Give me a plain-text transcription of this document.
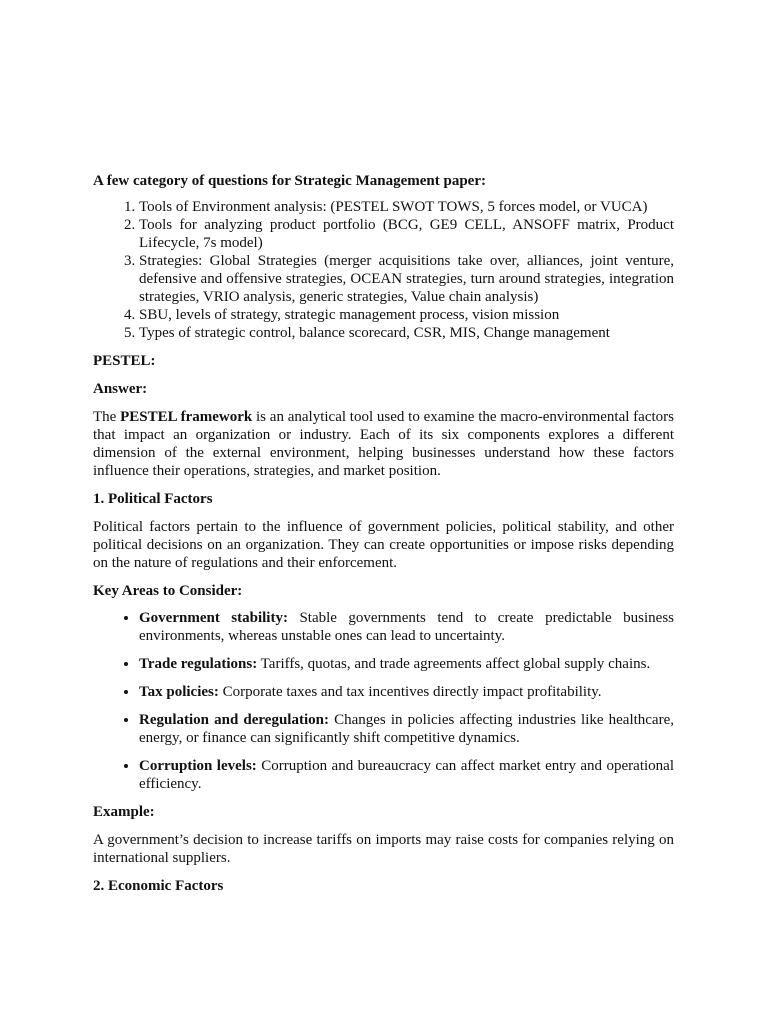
A few category of questions for Strategic Management paper:

1. Tools of Environment analysis: (PESTEL SWOT TOWS, 5 forces model, or VUCA)
2. Tools for analyzing product portfolio (BCG, GE9 CELL, ANSOFF matrix, Product Lifecycle, 7s model)
3. Strategies: Global Strategies (merger acquisitions take over, alliances, joint venture, defensive and offensive strategies, OCEAN strategies, turn around strategies, integration strategies, VRIO analysis, generic strategies, Value chain analysis)
4. SBU, levels of strategy, strategic management process, vision mission
5. Types of strategic control, balance scorecard, CSR, MIS, Change management

PESTEL:

Answer:

The PESTEL framework is an analytical tool used to examine the macro-environmental factors that impact an organization or industry. Each of its six components explores a different dimension of the external environment, helping businesses understand how these factors influence their operations, strategies, and market position.

1. Political Factors

Political factors pertain to the influence of government policies, political stability, and other political decisions on an organization. They can create opportunities or impose risks depending on the nature of regulations and their enforcement.

Key Areas to Consider:

• Government stability: Stable governments tend to create predictable business environments, whereas unstable ones can lead to uncertainty.
• Trade regulations: Tariffs, quotas, and trade agreements affect global supply chains.
• Tax policies: Corporate taxes and tax incentives directly impact profitability.
• Regulation and deregulation: Changes in policies affecting industries like healthcare, energy, or finance can significantly shift competitive dynamics.
• Corruption levels: Corruption and bureaucracy can affect market entry and operational efficiency.

Example:

A government’s decision to increase tariffs on imports may raise costs for companies relying on international suppliers.

2. Economic Factors
